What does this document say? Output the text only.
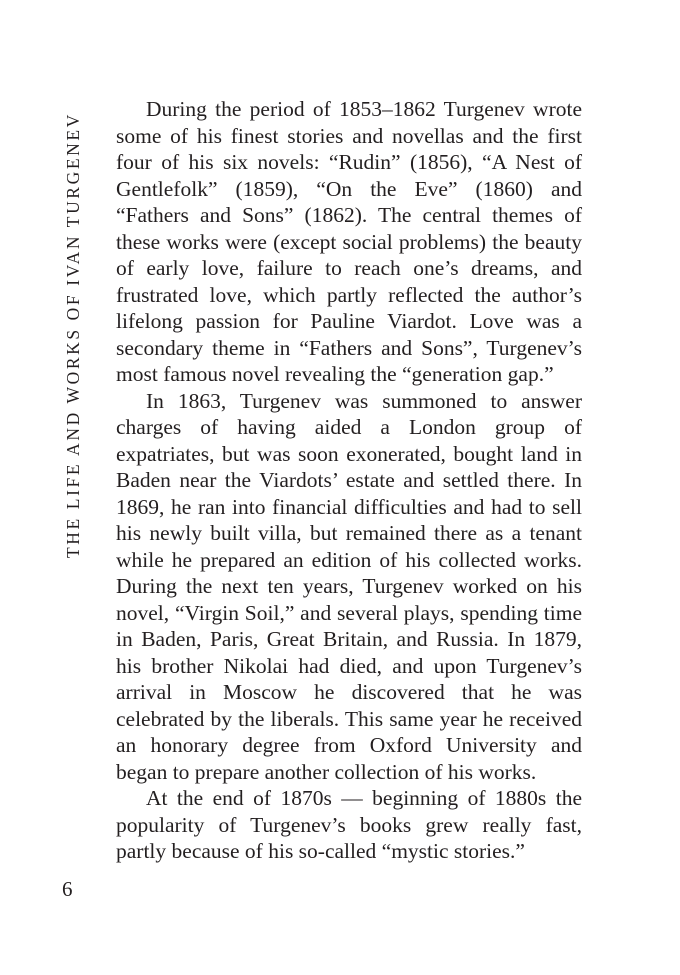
THE LIFE AND WORKS OF IVAN TURGENEV

During the period of 1853–1862 Turgenev wrote some of his finest stories and novellas and the first four of his six novels: “Rudin” (1856), “A Nest of Gentlefolk” (1859), “On the Eve” (1860) and “Fathers and Sons” (1862). The central themes of these works were (except social problems) the beauty of early love, failure to reach one’s dreams, and frustrated love, which partly reflected the author’s lifelong passion for Pauline Viardot. Love was a secondary theme in “Fathers and Sons”, Turgenev’s most famous novel revealing the “generation gap.”

In 1863, Turgenev was summoned to answer charges of having aided a London group of expatriates, but was soon exonerated, bought land in Baden near the Viardots’ estate and settled there. In 1869, he ran into financial difficulties and had to sell his newly built villa, but remained there as a tenant while he prepared an edition of his collected works. During the next ten years, Turgenev worked on his novel, “Virgin Soil,” and several plays, spending time in Baden, Paris, Great Britain, and Russia. In 1879, his brother Nikolai had died, and upon Turgenev’s arrival in Moscow he discovered that he was celebrated by the liberals. This same year he received an honorary degree from Oxford University and began to prepare another collection of his works.

At the end of 1870s — beginning of 1880s the popularity of Turgenev’s books grew really fast, partly because of his so-called “mystic stories.”

6
